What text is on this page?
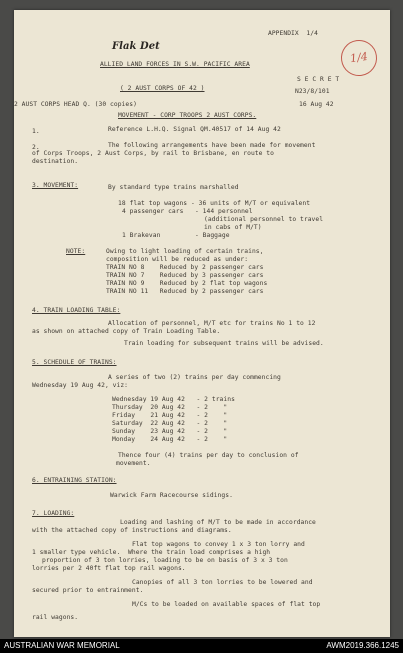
APPENDIX  1/4
Flak Det
1/4
ALLIED LAND FORCES IN S.W. PACIFIC AREA
( 2 AUST CORPS OF 42 )
S E C R E T
N23/8/101
16 Aug 42
2 AUST CORPS HEAD Q. (30 copies)
MOVEMENT - CORP TROOPS 2 AUST CORPS.
1.	Reference L.H.Q. Signal QM.40517 of 14 Aug 42
2.	The following arrangements have been made for movement
of Corps Troops, 2 Aust Corps, by rail to Brisbane, en route to
destination.
3. MOVEMENT:	By standard type trains marshalled
18 flat top wagons - 36 units of M/T or equivalent
4 passenger cars   - 144 personnel
(additional personnel to travel
in cabs of M/T)
1 Brakevan         - Baggage
NOTE:	Owing to light loading of certain trains,
composition will be reduced as under:
TRAIN NO 8    Reduced by 2 passenger cars
TRAIN NO 7    Reduced by 3 passenger cars
TRAIN NO 9    Reduced by 2 flat top wagons
TRAIN NO 11   Reduced by 2 passenger cars
4. TRAIN LOADING TABLE:
Allocation of personnel, M/T etc for trains No 1 to 12
as shown on attached copy of Train Loading Table.
Train loading for subsequent trains will be advised.
5. SCHEDULE OF TRAINS:
A series of two (2) trains per day commencing
Wednesday 19 Aug 42, viz:
Wednesday 19 Aug 42   - 2 trains
Thursday  20 Aug 42   - 2    "
Friday    21 Aug 42   - 2    "
Saturday  22 Aug 42   - 2    "
Sunday    23 Aug 42   - 2    "
Monday    24 Aug 42   - 2    "
Thence four (4) trains per day to conclusion of
movement.
6. ENTRAINING STATION:
Warwick Farm Racecourse sidings.
7. LOADING:
Loading and lashing of M/T to be made in accordance
with the attached copy of instructions and diagrams.
Flat top wagons to convey 1 x 3 ton lorry and
1 smaller type vehicle.  Where the train load comprises a high
proportion of 3 ton lorries, loading to be on basis of 3 x 3 ton
lorries per 2 40ft flat top rail wagons.
Canopies of all 3 ton lorries to be lowered and
secured prior to entrainment.
M/Cs to be loaded on available spaces of flat top
rail wagons.
AUSTRALIAN WAR MEMORIAL	AWM2019.366.1245
